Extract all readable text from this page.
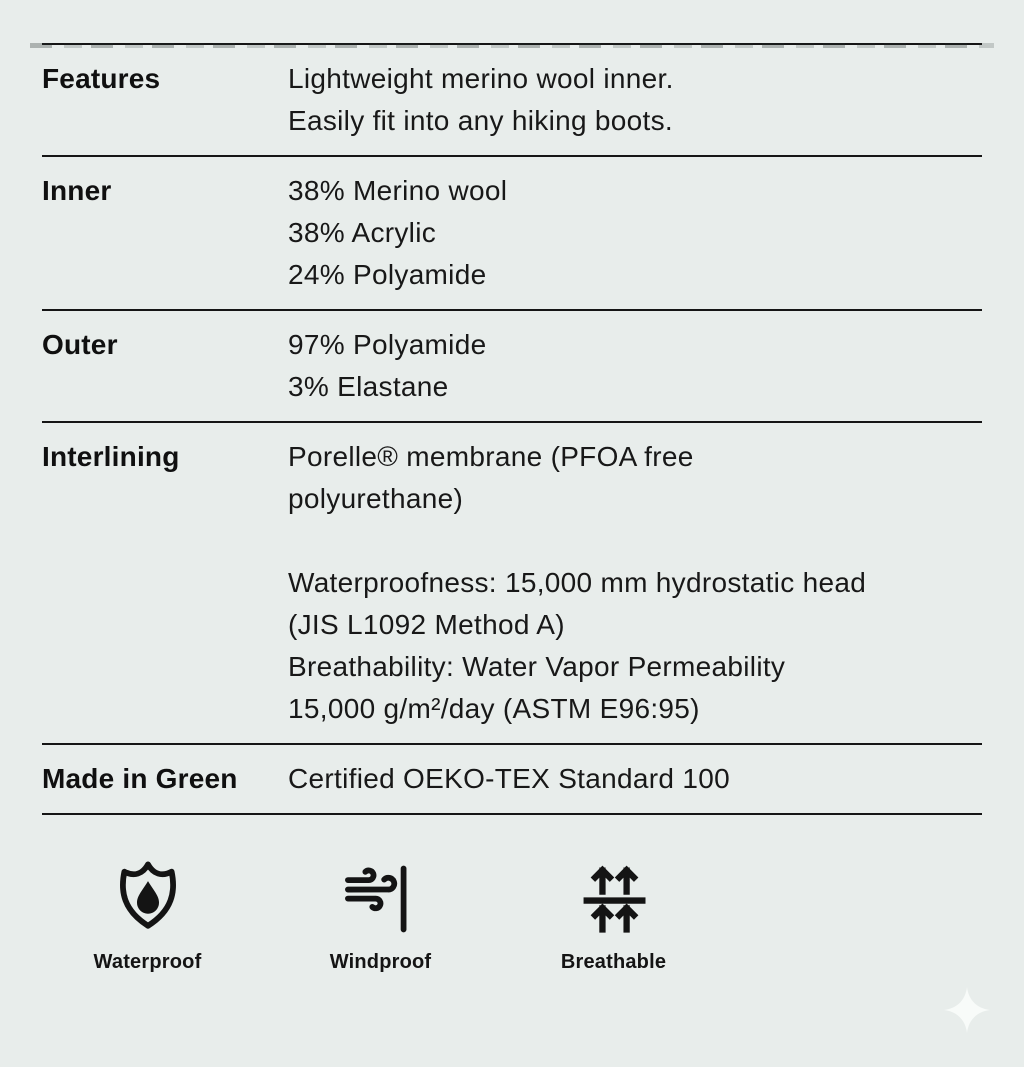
Features	Lightweight merino wool inner.
Easily fit into any hiking boots.
Inner	38% Merino wool
38% Acrylic
24% Polyamide
Outer	97% Polyamide
3% Elastane
Interlining	Porelle® membrane (PFOA free
polyurethane)

Waterproofness: 15,000 mm hydrostatic head
(JIS L1092 Method A)
Breathability: Water Vapor Permeability
15,000 g/m²/day (ASTM E96:95)
Made in Green	Certified OEKO-TEX Standard 100
Waterproof	Windproof	Breathable
